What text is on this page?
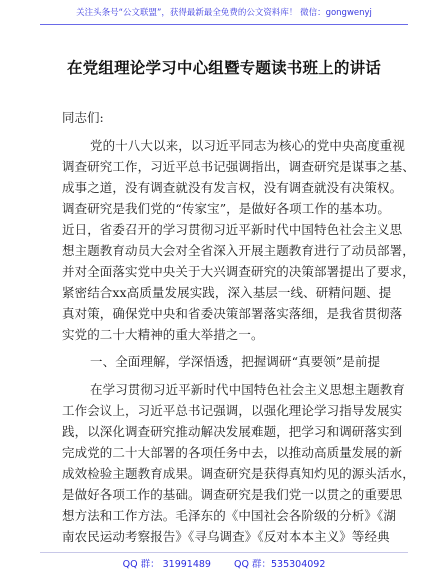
关注头条号“公文联盟”，获得最新最全免费的公文资料库！ 微信：gongwenyj
在党组理论学习中心组暨专题读书班上的讲话
同志们:
党的十八大以来，以习近平同志为核心的党中央高度重视
调查研究工作，习近平总书记强调指出，调查研究是谋事之基、
成事之道，没有调查就没有发言权，没有调查就没有决策权。
调查研究是我们党的“传家宝”，是做好各项工作的基本功。
近日，省委召开的学习贯彻习近平新时代中国特色社会主义思
想主题教育动员大会对全省深入开展主题教育进行了动员部署，
并对全面落实党中央关于大兴调查研究的决策部署提出了要求，
紧密结合xx高质量发展实践，深入基层一线、研精问题、提
真对策，确保党中央和省委决策部署落实落细，是我省贯彻落
实党的二十大精神的重大举措之一。
一、全面理解，学深悟透，把握调研“真要领”是前提
在学习贯彻习近平新时代中国特色社会主义思想主题教育
工作会议上，习近平总书记强调，以强化理论学习指导发展实
践，以深化调查研究推动解决发展难题，把学习和调研落实到
完成党的二十大部署的各项任务中去，以推动高质量发展的新
成效检验主题教育成果。调查研究是获得真知灼见的源头活水，
是做好各项工作的基础。调查研究是我们党一以贯之的重要思
想方法和工作方法。毛泽东的《中国社会各阶级的分析》《湖
南农民运动考察报告》《寻乌调查》《反对本本主义》等经典
QQ 群： 31991489 QQ 群：535304092
